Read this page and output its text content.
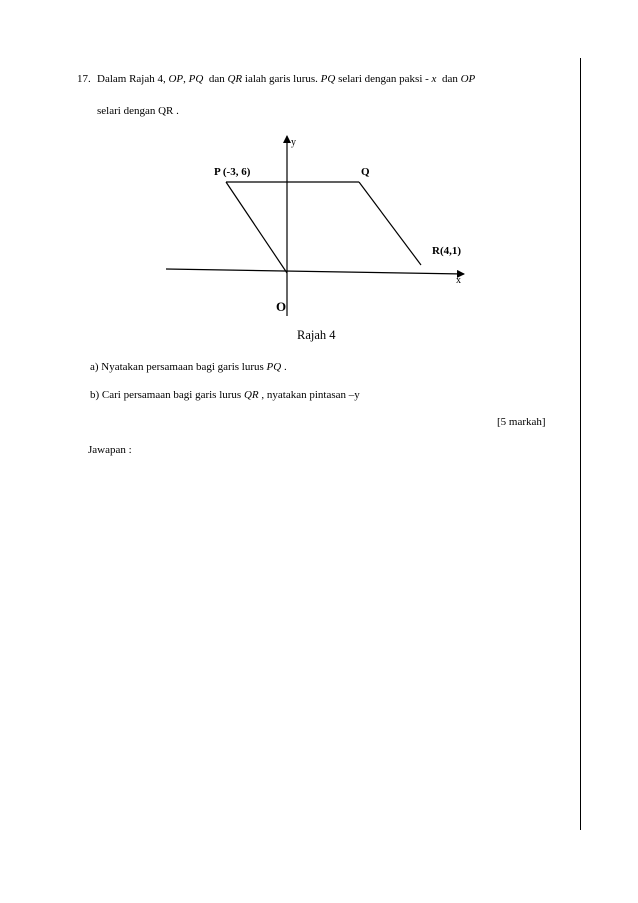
17. Dalam Rajah 4, OP, PQ  dan QR ialah garis lurus. PQ selari dengan paksi - x  dan OP
selari dengan QR .
y
P (-3, 6)	Q
R(4,1)
x
O
Rajah 4
a) Nyatakan persamaan bagi garis lurus PQ .
b) Cari persamaan bagi garis lurus QR , nyatakan pintasan –y
[5 markah]
Jawapan :
